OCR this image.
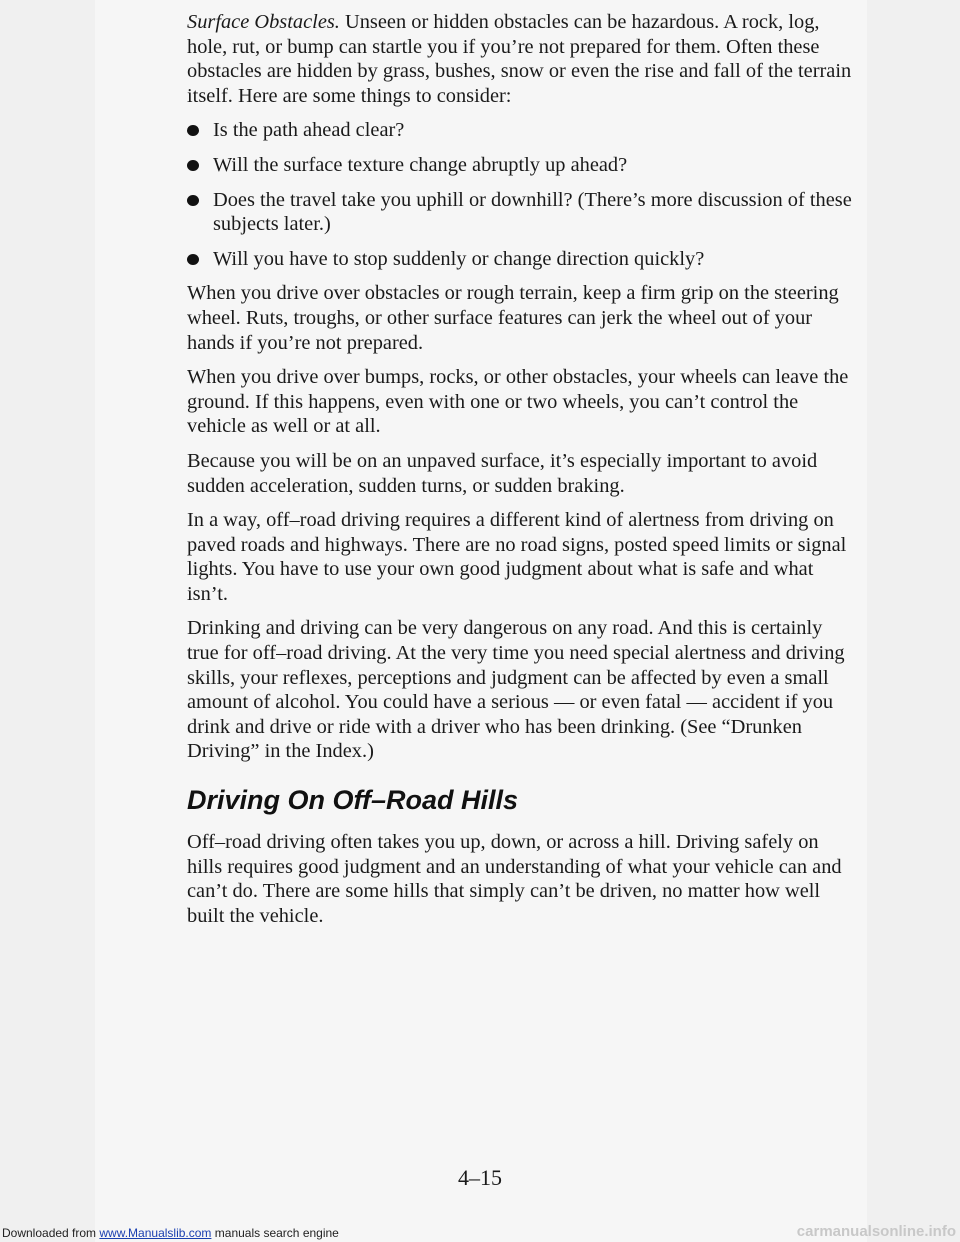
Surface Obstacles. Unseen or hidden obstacles can be hazardous. A rock, log, hole, rut, or bump can startle you if you’re not prepared for them. Often these obstacles are hidden by grass, bushes, snow or even the rise and fall of the terrain itself. Here are some things to consider:

Is the path ahead clear?
Will the surface texture change abruptly up ahead?
Does the travel take you uphill or downhill? (There’s more discussion of these subjects later.)
Will you have to stop suddenly or change direction quickly?

When you drive over obstacles or rough terrain, keep a firm grip on the steering wheel. Ruts, troughs, or other surface features can jerk the wheel out of your hands if you’re not prepared.

When you drive over bumps, rocks, or other obstacles, your wheels can leave the ground. If this happens, even with one or two wheels, you can’t control the vehicle as well or at all.

Because you will be on an unpaved surface, it’s especially important to avoid sudden acceleration, sudden turns, or sudden braking.

In a way, off–road driving requires a different kind of alertness from driving on paved roads and highways. There are no road signs, posted speed limits or signal lights. You have to use your own good judgment about what is safe and what isn’t.

Drinking and driving can be very dangerous on any road. And this is certainly true for off–road driving. At the very time you need special alertness and driving skills, your reflexes, perceptions and judgment can be affected by even a small amount of alcohol. You could have a serious — or even fatal — accident if you drink and drive or ride with a driver who has been drinking. (See “Drunken Driving” in the Index.)

Driving On Off–Road Hills

Off–road driving often takes you up, down, or across a hill. Driving safely on hills requires good judgment and an understanding of what your vehicle can and can’t do. There are some hills that simply can’t be driven, no matter how well built the vehicle.

4–15
Downloaded from www.Manualslib.com manuals search engine	carmanualsonline.info
